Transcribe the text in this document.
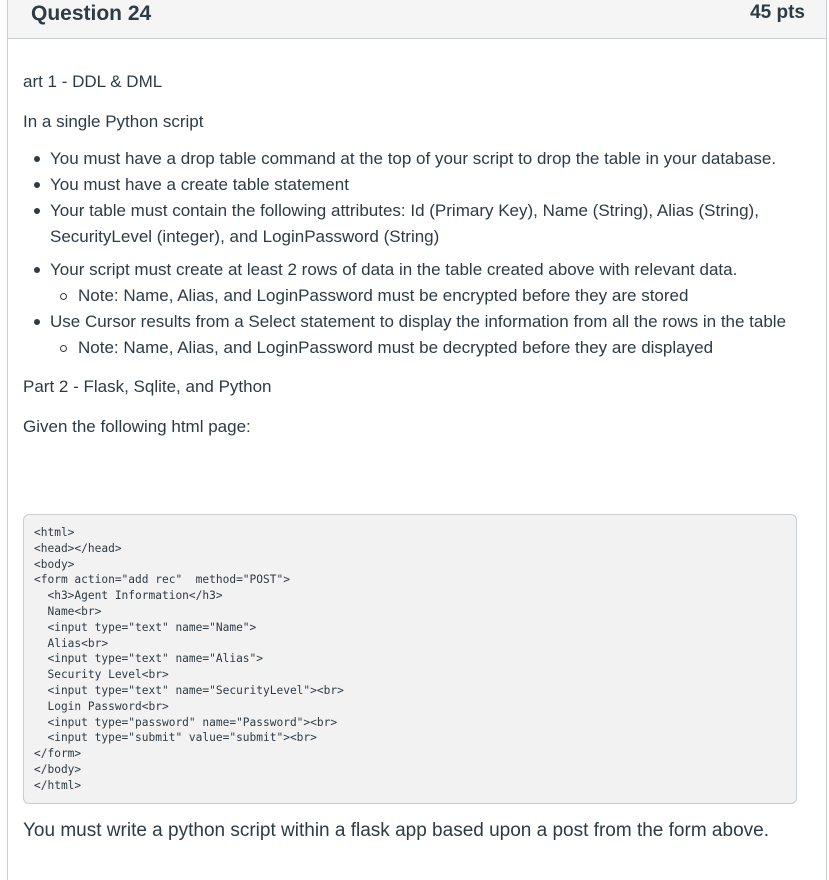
Question 24	45 pts

art 1 - DDL & DML

In a single Python script

You must have a drop table command at the top of your script to drop the table in your database.
You must have a create table statement
Your table must contain the following attributes: Id (Primary Key), Name (String), Alias (String), SecurityLevel (integer), and LoginPassword (String)
Your script must create at least 2 rows of data in the table created above with relevant data.
Note: Name, Alias, and LoginPassword must be encrypted before they are stored
Use Cursor results from a Select statement to display the information from all the rows in the table
Note: Name, Alias, and LoginPassword must be decrypted before they are displayed

Part 2 - Flask, Sqlite, and Python

Given the following html page:

<html>
<head></head>
<body>
<form action="add rec"  method="POST">
<h3>Agent Information</h3>
Name<br>
<input type="text" name="Name">
Alias<br>
<input type="text" name="Alias">
Security Level<br>
<input type="text" name="SecurityLevel"><br>
Login Password<br>
<input type="password" name="Password"><br>
<input type="submit" value="submit"><br>
</form>
</body>
</html>

You must write a python script within a flask app based upon a post from the form above.
